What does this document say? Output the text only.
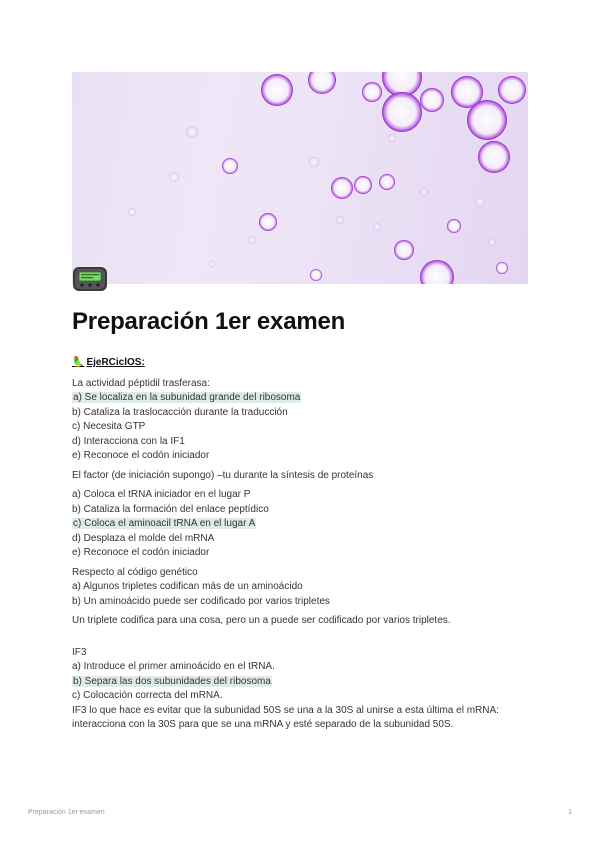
Preparación 1er examen
🦜 EjeRCiclOS:

La actividad péptidil trasferasa:

a) Se localiza en la subunidad grande del ribosoma

b) Cataliza la traslocacción durante la traducción

c) Necesita GTP

d) Interacciona con la IF1

e) Reconoce el codón iniciador

El factor (de iniciación supongo) –tu durante la síntesis de proteínas

a) Coloca el tRNA iniciador en el lugar P

b) Cataliza la formación del enlace peptídico

c) Coloca el aminoacil tRNA en el lugar A

d) Desplaza el molde del mRNA

e) Reconoce el codón iniciador

Respecto al código genético

a) Algunos tripletes codifican más de un aminoácido

b) Un aminoácido puede ser codificado por varios tripletes

Un triplete codifica para una cosa, pero un a puede ser codificado por varios tripletes.

IF3

a) Introduce el primer aminoácido en el tRNA.

b) Separa las dos subunidades del ribosoma

c) Colocación correcta del mRNA.

IF3 lo que hace es evitar que la subunidad 50S se una a la 30S al unirse a esta última el mRNA: interacciona con la 30S para que se una mRNA y esté separado de la subunidad 50S.

Preparación 1er examen	1
